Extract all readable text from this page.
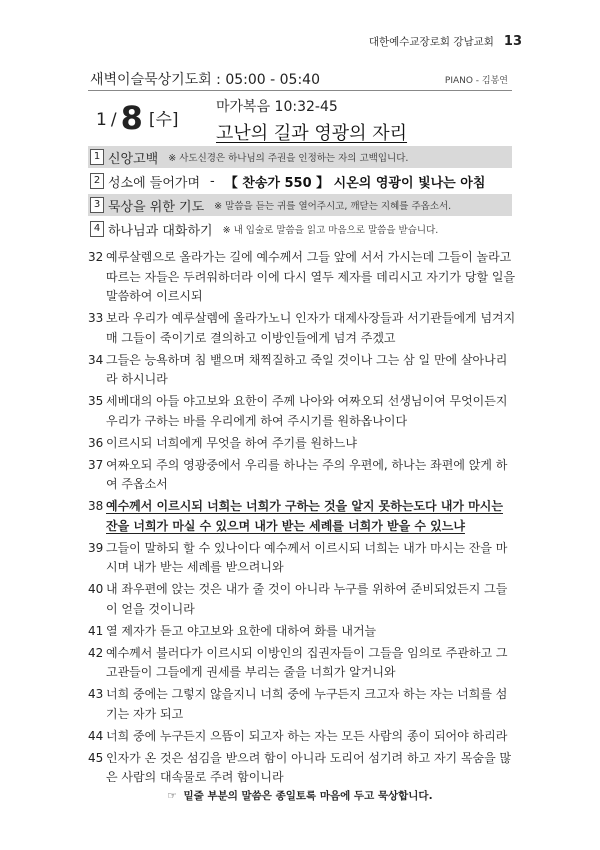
대한예수교장로회 강남교회 13
새벽이슬묵상기도회 : 05:00 - 05:40	PIANO - 김봉연
1 / 8 [수]
마가복음 10:32-45
고난의 길과 영광의 자리
1 신앙고백 ※ 사도신경은 하나님의 주권을 인정하는 자의 고백입니다.
2 성소에 들어가며 - 【 찬송가 550 】 시온의 영광이 빛나는 아침
3 묵상을 위한 기도 ※ 말씀을 듣는 귀를 열어주시고, 깨닫는 지혜를 주옵소서.
4 하나님과 대화하기 ※ 내 입술로 말씀을 읽고 마음으로 말씀을 받습니다.
32 예루살렘으로 올라가는 길에 예수께서 그들 앞에 서서 가시는데 그들이 놀라고 따르는 자들은 두려워하더라 이에 다시 열두 제자를 데리시고 자기가 당할 일을 말씀하여 이르시되
33 보라 우리가 예루살렘에 올라가노니 인자가 대제사장들과 서기관들에게 넘겨지매 그들이 죽이기로 결의하고 이방인들에게 넘겨 주겠고
34 그들은 능욕하며 침 뱉으며 채찍질하고 죽일 것이나 그는 삼 일 만에 살아나리라 하시니라
35 세베대의 아들 야고보와 요한이 주께 나아와 여짜오되 선생님이여 무엇이든지 우리가 구하는 바를 우리에게 하여 주시기를 원하옵나이다
36 이르시되 너희에게 무엇을 하여 주기를 원하느냐
37 여짜오되 주의 영광중에서 우리를 하나는 주의 우편에, 하나는 좌편에 앉게 하여 주옵소서
38 예수께서 이르시되 너희는 너희가 구하는 것을 알지 못하는도다 내가 마시는 잔을 너희가 마실 수 있으며 내가 받는 세례를 너희가 받을 수 있느냐
39 그들이 말하되 할 수 있나이다 예수께서 이르시되 너희는 내가 마시는 잔을 마시며 내가 받는 세례를 받으려니와
40 내 좌우편에 앉는 것은 내가 줄 것이 아니라 누구를 위하여 준비되었든지 그들이 얻을 것이니라
41 열 제자가 듣고 야고보와 요한에 대하여 화를 내거늘
42 예수께서 불러다가 이르시되 이방인의 집권자들이 그들을 임의로 주관하고 그 고관들이 그들에게 권세를 부리는 줄을 너희가 알거니와
43 너희 중에는 그렇지 않을지니 너희 중에 누구든지 크고자 하는 자는 너희를 섬기는 자가 되고
44 너희 중에 누구든지 으뜸이 되고자 하는 자는 모든 사람의 종이 되어야 하리라
45 인자가 온 것은 섬김을 받으려 함이 아니라 도리어 섬기려 하고 자기 목숨을 많은 사람의 대속물로 주려 함이니라
☞ 밑줄 부분의 말씀은 종일토록 마음에 두고 묵상합니다.
